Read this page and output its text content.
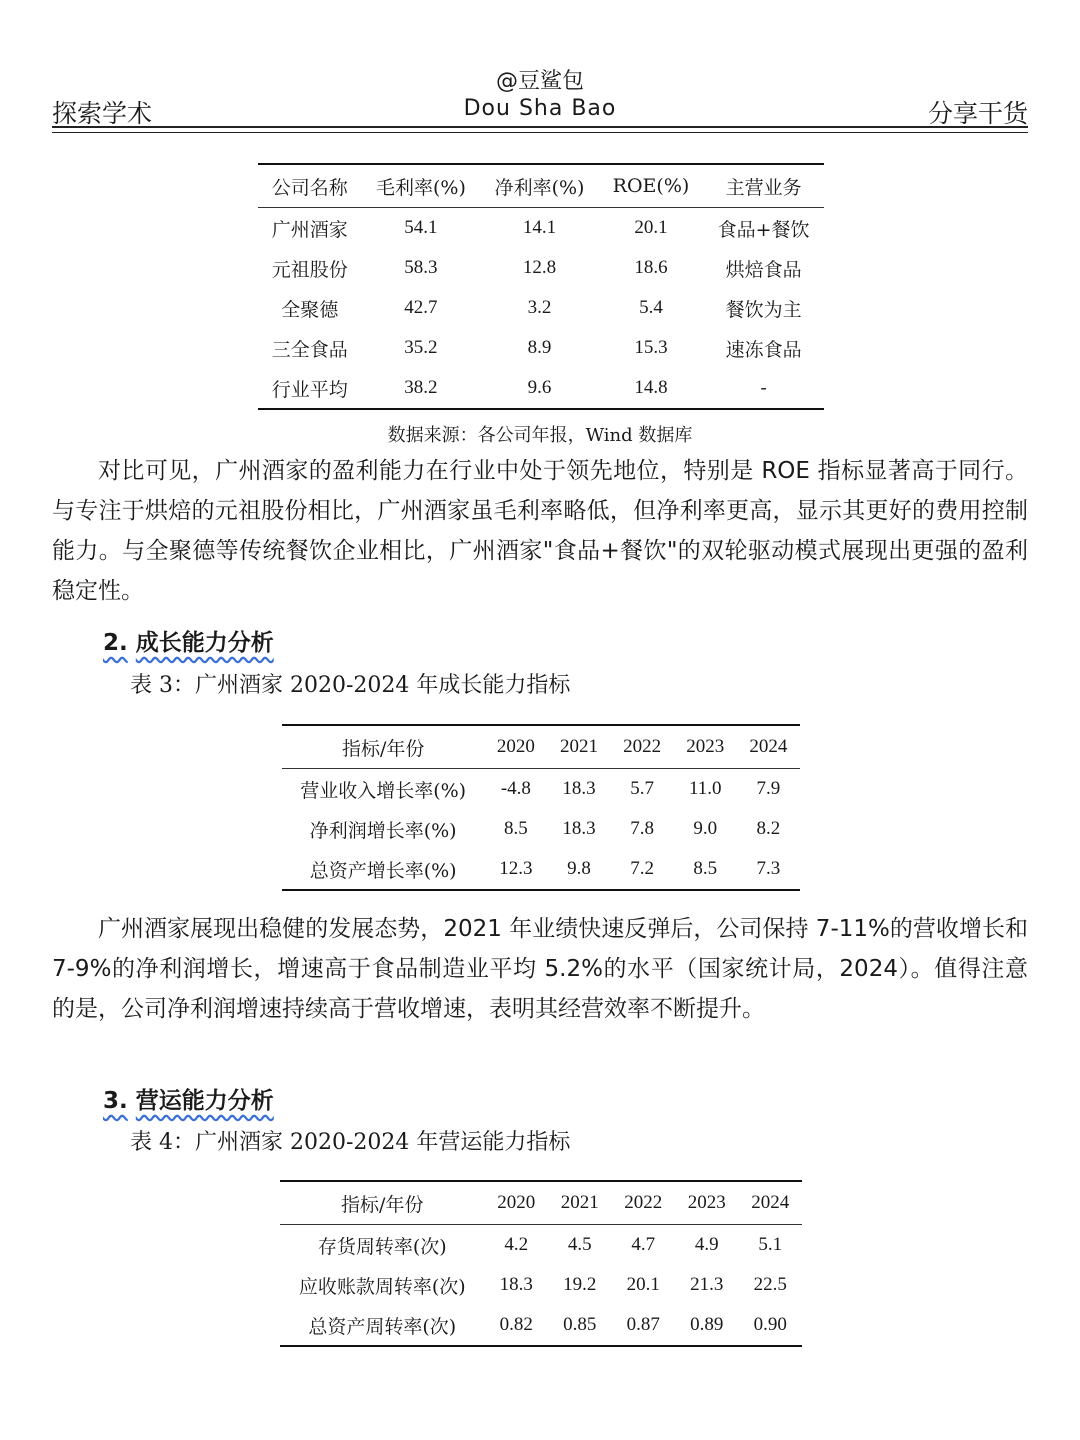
@豆鲨包
探索学术	Dou Sha Bao	分享干货
公司名称	毛利率(%)	净利率(%)	ROE(%)	主营业务
广州酒家	54.1	14.1	20.1	食品+餐饮
元祖股份	58.3	12.8	18.6	烘焙食品
全聚德	42.7	3.2	5.4	餐饮为主
三全食品	35.2	8.9	15.3	速冻食品
行业平均	38.2	9.6	14.8	-
数据来源：各公司年报，Wind 数据库

对比可见，广州酒家的盈利能力在行业中处于领先地位，特别是 ROE 指标显著高于同行。与专注于烘焙的元祖股份相比，广州酒家虽毛利率略低，但净利率更高，显示其更好的费用控制能力。与全聚德等传统餐饮企业相比，广州酒家"食品+餐饮"的双轮驱动模式展现出更强的盈利稳定性。

2. 成长能力分析
表 3：广州酒家 2020-2024 年成长能力指标
指标/年份	2020	2021	2022	2023	2024
营业收入增长率(%)	-4.8	18.3	5.7	11.0	7.9
净利润增长率(%)	8.5	18.3	7.8	9.0	8.2
总资产增长率(%)	12.3	9.8	7.2	8.5	7.3

广州酒家展现出稳健的发展态势，2021 年业绩快速反弹后，公司保持 7-11%的营收增长和 7-9%的净利润增长，增速高于食品制造业平均 5.2%的水平（国家统计局，2024）。值得注意的是，公司净利润增速持续高于营收增速，表明其经营效率不断提升。

3. 营运能力分析
表 4：广州酒家 2020-2024 年营运能力指标
指标/年份	2020	2021	2022	2023	2024
存货周转率(次)	4.2	4.5	4.7	4.9	5.1
应收账款周转率(次)	18.3	19.2	20.1	21.3	22.5
总资产周转率(次)	0.82	0.85	0.87	0.89	0.90
